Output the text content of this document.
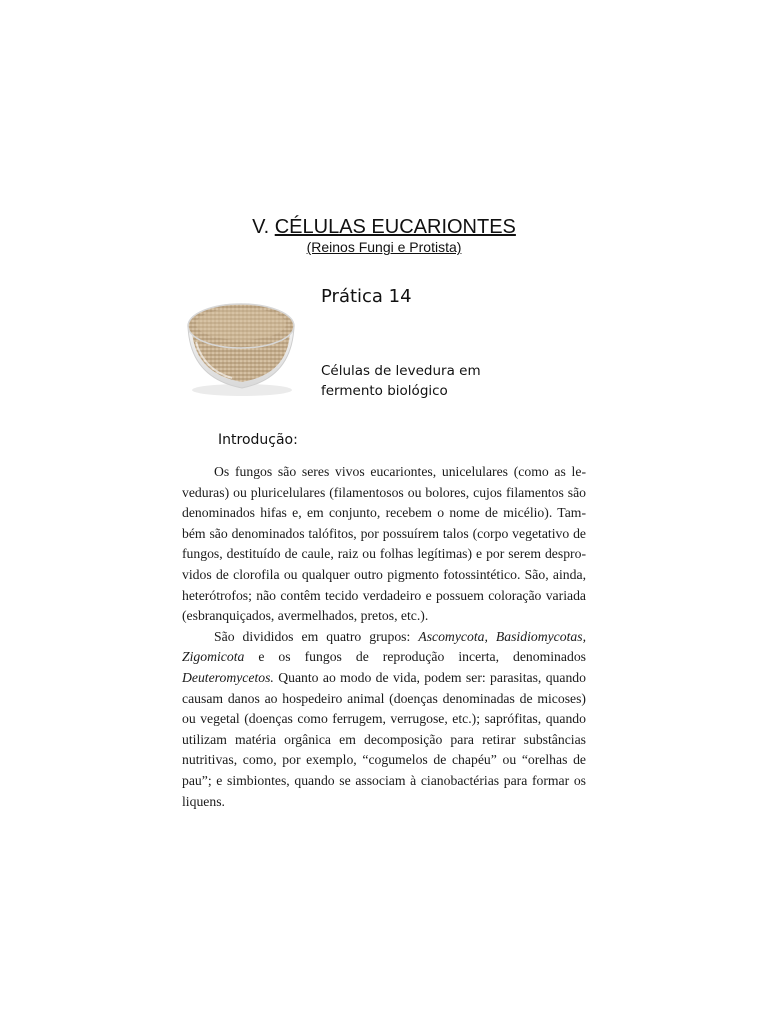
V. CÉLULAS EUCARIONTES
(Reinos Fungi e Protista)
Prática 14
Células de levedura em
fermento biológico
Introdução:

Os fungos são seres vivos eucariontes, unicelulares (como as leveduras) ou pluricelulares (filamentosos ou bolores, cujos filamentos são denominados hifas e, em conjunto, recebem o nome de micélio). Também são denominados talófitos, por possuírem talos (corpo vegetativo de fungos, destituído de caule, raiz ou folhas legítimas) e por serem desprovidos de clorofila ou qualquer outro pigmento fotossintético. São, ainda, heterótrofos; não contêm tecido verdadeiro e possuem coloração variada (esbranquiçados, avermelhados, pretos, etc.).

São divididos em quatro grupos: Ascomycota, Basidiomycotas, Zigomicota e os fungos de reprodução incerta, denominados Deuteromycetos. Quanto ao modo de vida, podem ser: parasitas, quando causam danos ao hospedeiro animal (doenças denominadas de micoses) ou vegetal (doenças como ferrugem, verrugose, etc.); saprófitas, quando utilizam matéria orgânica em decomposição para retirar substâncias nutritivas, como, por exemplo, “cogumelos de chapéu” ou “orelhas de pau”; e simbiontes, quando se associam à cianobactérias para formar os liquens.
